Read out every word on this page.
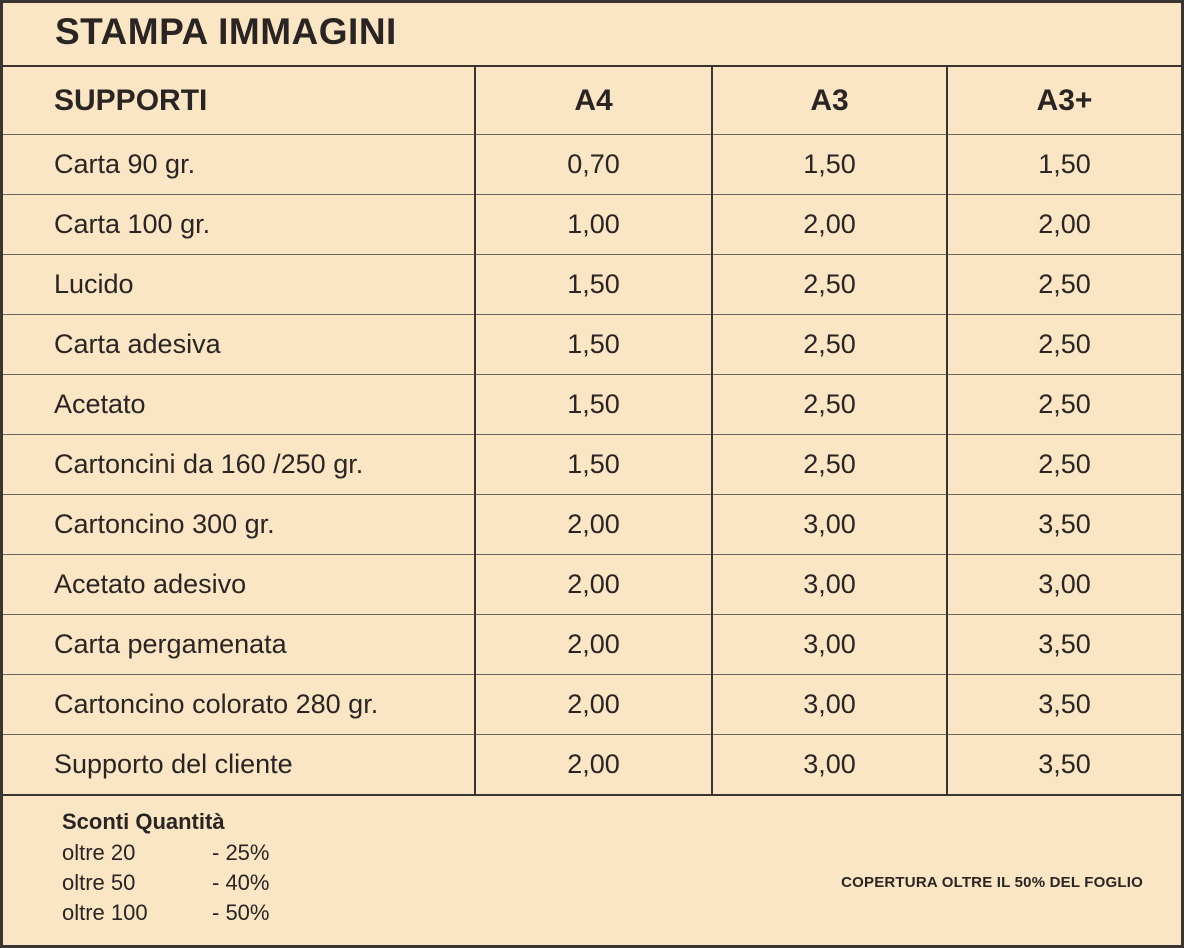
STAMPA IMMAGINI
SUPPORTI	A4	A3	A3+
Carta 90 gr.	0,70	1,50	1,50
Carta 100 gr.	1,00	2,00	2,00
Lucido	1,50	2,50	2,50
Carta adesiva	1,50	2,50	2,50
Acetato	1,50	2,50	2,50
Cartoncini da 160 /250 gr.	1,50	2,50	2,50
Cartoncino 300 gr.	2,00	3,00	3,50
Acetato adesivo	2,00	3,00	3,00
Carta pergamenata	2,00	3,00	3,50
Cartoncino colorato 280 gr.	2,00	3,00	3,50
Supporto del cliente	2,00	3,00	3,50
Sconti Quantità
oltre 20	- 25%
oltre 50	- 40%
oltre 100	- 50%
COPERTURA OLTRE IL 50% DEL FOGLIO
